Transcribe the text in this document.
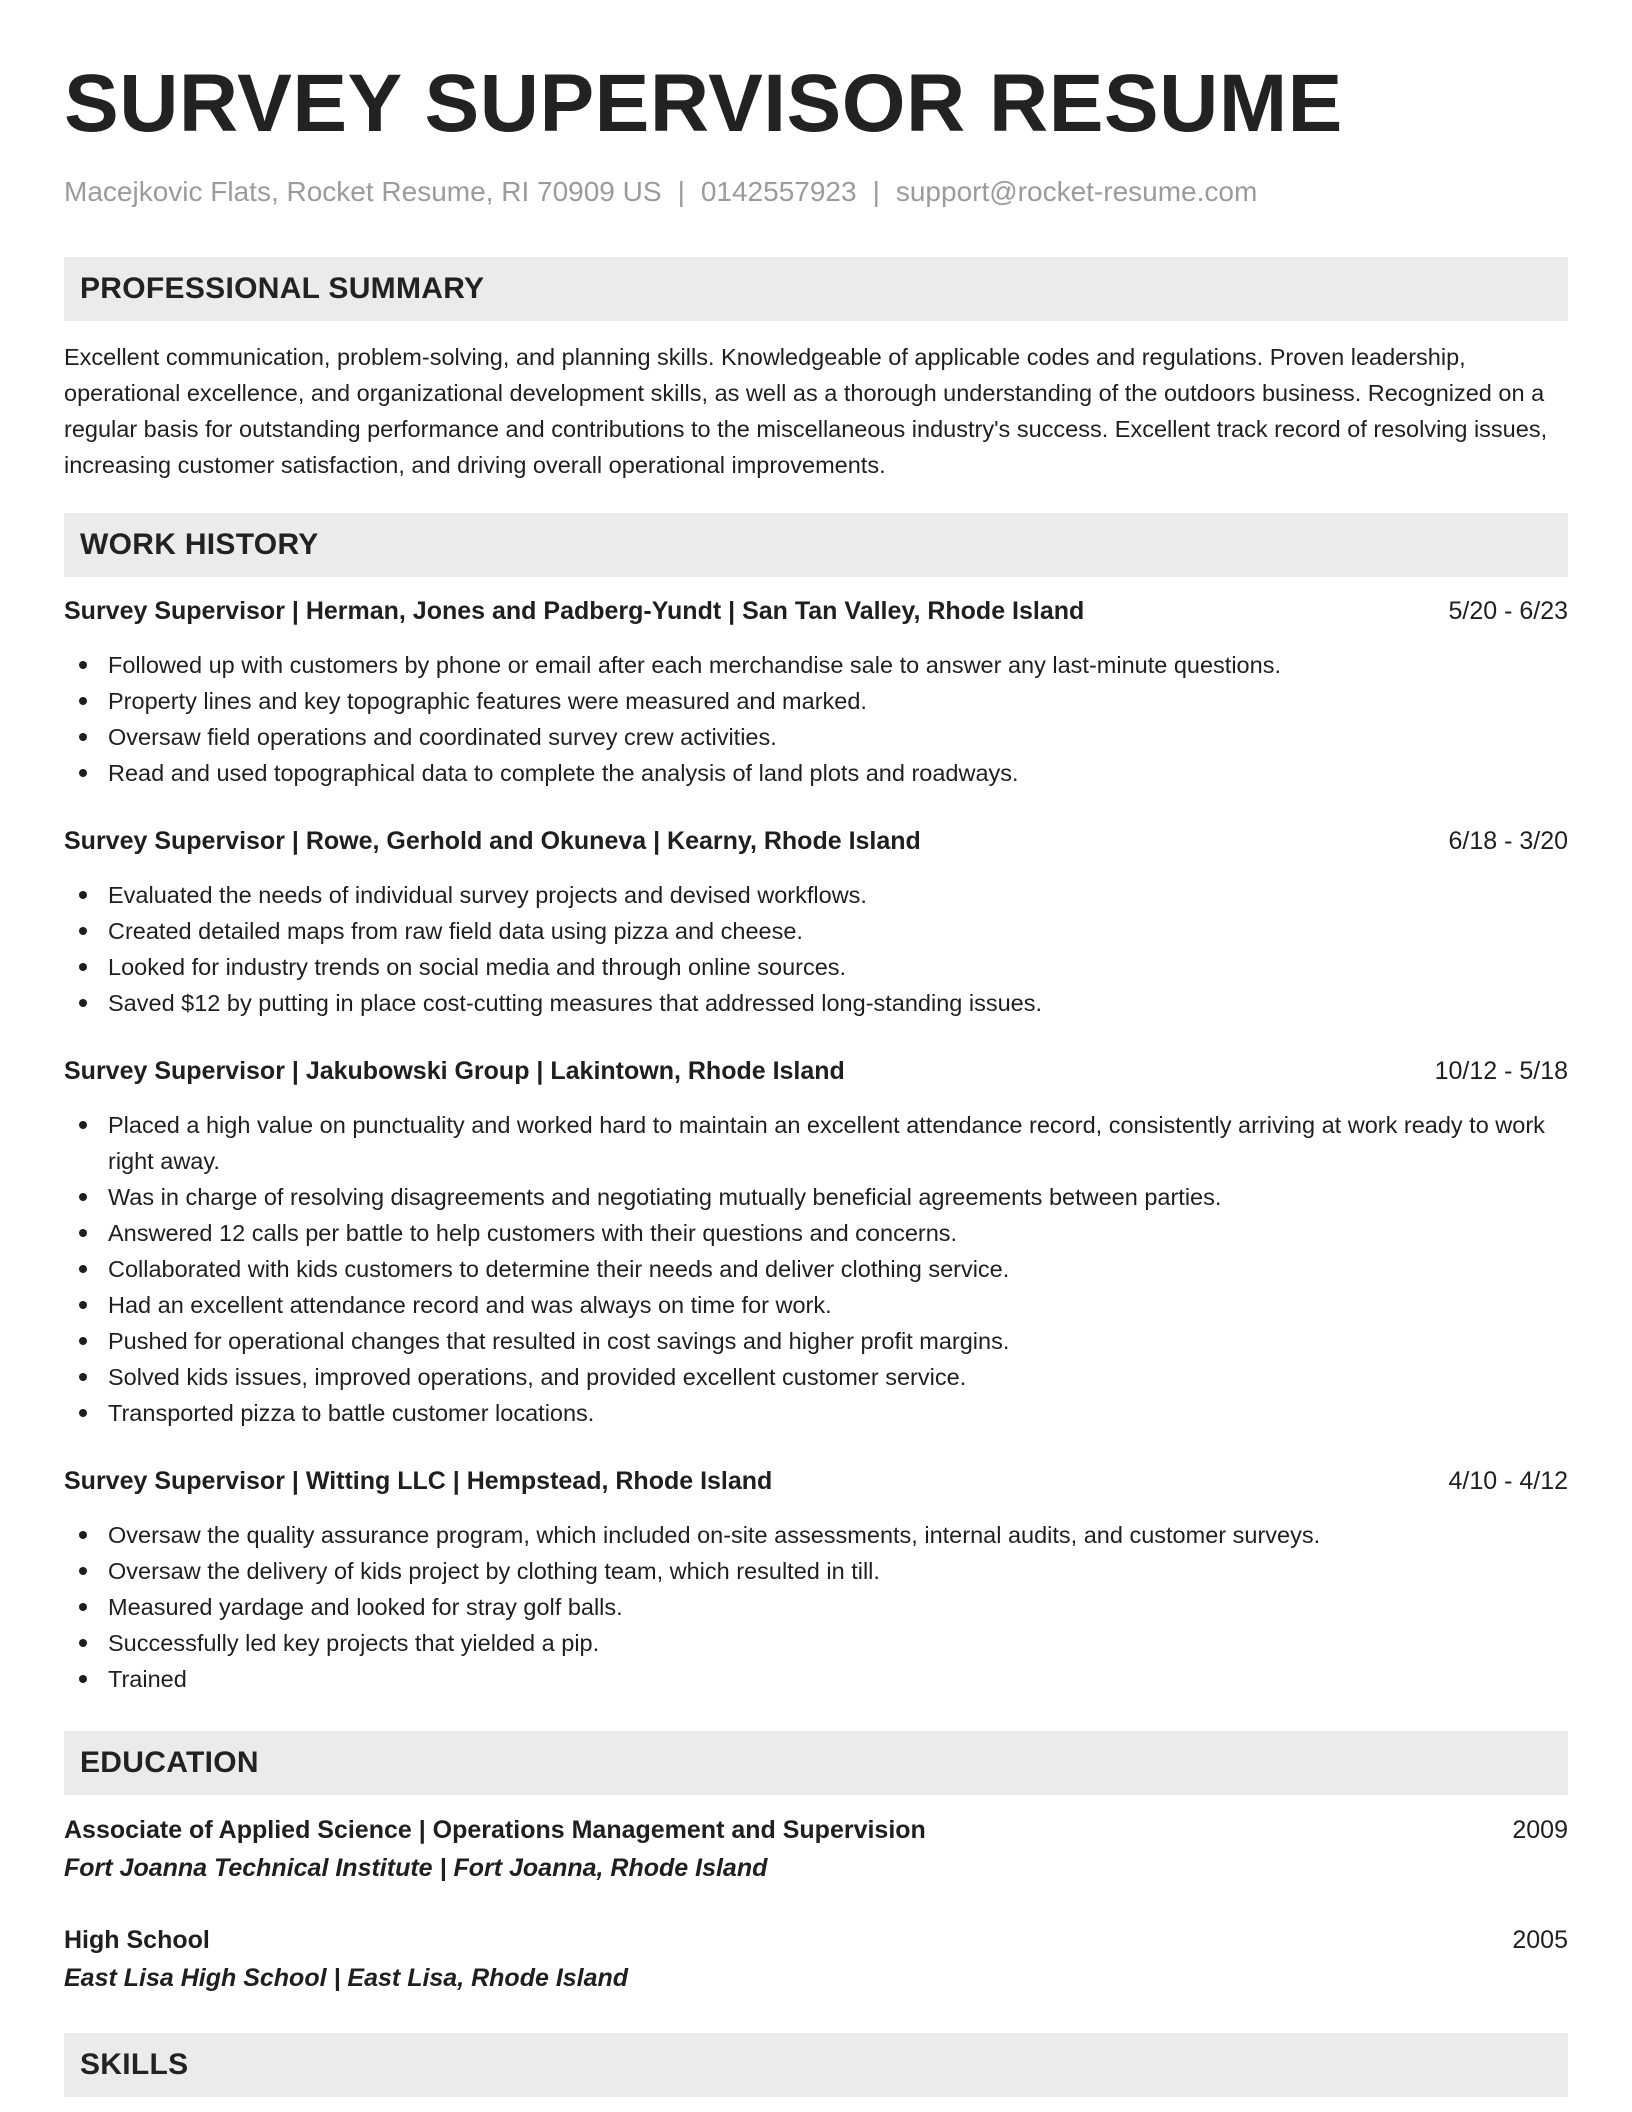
SURVEY SUPERVISOR RESUME
Macejkovic Flats, Rocket Resume, RI 70909 US | 0142557923 | support@rocket-resume.com
PROFESSIONAL SUMMARY

Excellent communication, problem-solving, and planning skills. Knowledgeable of applicable codes and regulations. Proven leadership, operational excellence, and organizational development skills, as well as a thorough understanding of the outdoors business. Recognized on a regular basis for outstanding performance and contributions to the miscellaneous industry's success. Excellent track record of resolving issues, increasing customer satisfaction, and driving overall operational improvements.

WORK HISTORY
Survey Supervisor | Herman, Jones and Padberg-Yundt | San Tan Valley, Rhode Island	5/20 - 6/23
Followed up with customers by phone or email after each merchandise sale to answer any last-minute questions.
Property lines and key topographic features were measured and marked.
Oversaw field operations and coordinated survey crew activities.
Read and used topographical data to complete the analysis of land plots and roadways.
Survey Supervisor | Rowe, Gerhold and Okuneva | Kearny, Rhode Island	6/18 - 3/20
Evaluated the needs of individual survey projects and devised workflows.
Created detailed maps from raw field data using pizza and cheese.
Looked for industry trends on social media and through online sources.
Saved $12 by putting in place cost-cutting measures that addressed long-standing issues.
Survey Supervisor | Jakubowski Group | Lakintown, Rhode Island	10/12 - 5/18
Placed a high value on punctuality and worked hard to maintain an excellent attendance record, consistently arriving at work ready to work right away.
Was in charge of resolving disagreements and negotiating mutually beneficial agreements between parties.
Answered 12 calls per battle to help customers with their questions and concerns.
Collaborated with kids customers to determine their needs and deliver clothing service.
Had an excellent attendance record and was always on time for work.
Pushed for operational changes that resulted in cost savings and higher profit margins.
Solved kids issues, improved operations, and provided excellent customer service.
Transported pizza to battle customer locations.
Survey Supervisor | Witting LLC | Hempstead, Rhode Island	4/10 - 4/12
Oversaw the quality assurance program, which included on-site assessments, internal audits, and customer surveys.
Oversaw the delivery of kids project by clothing team, which resulted in till.
Measured yardage and looked for stray golf balls.
Successfully led key projects that yielded a pip.
Trained
EDUCATION
Associate of Applied Science | Operations Management and Supervision	2009
Fort Joanna Technical Institute | Fort Joanna, Rhode Island
High School	2005
East Lisa High School | East Lisa, Rhode Island
SKILLS
